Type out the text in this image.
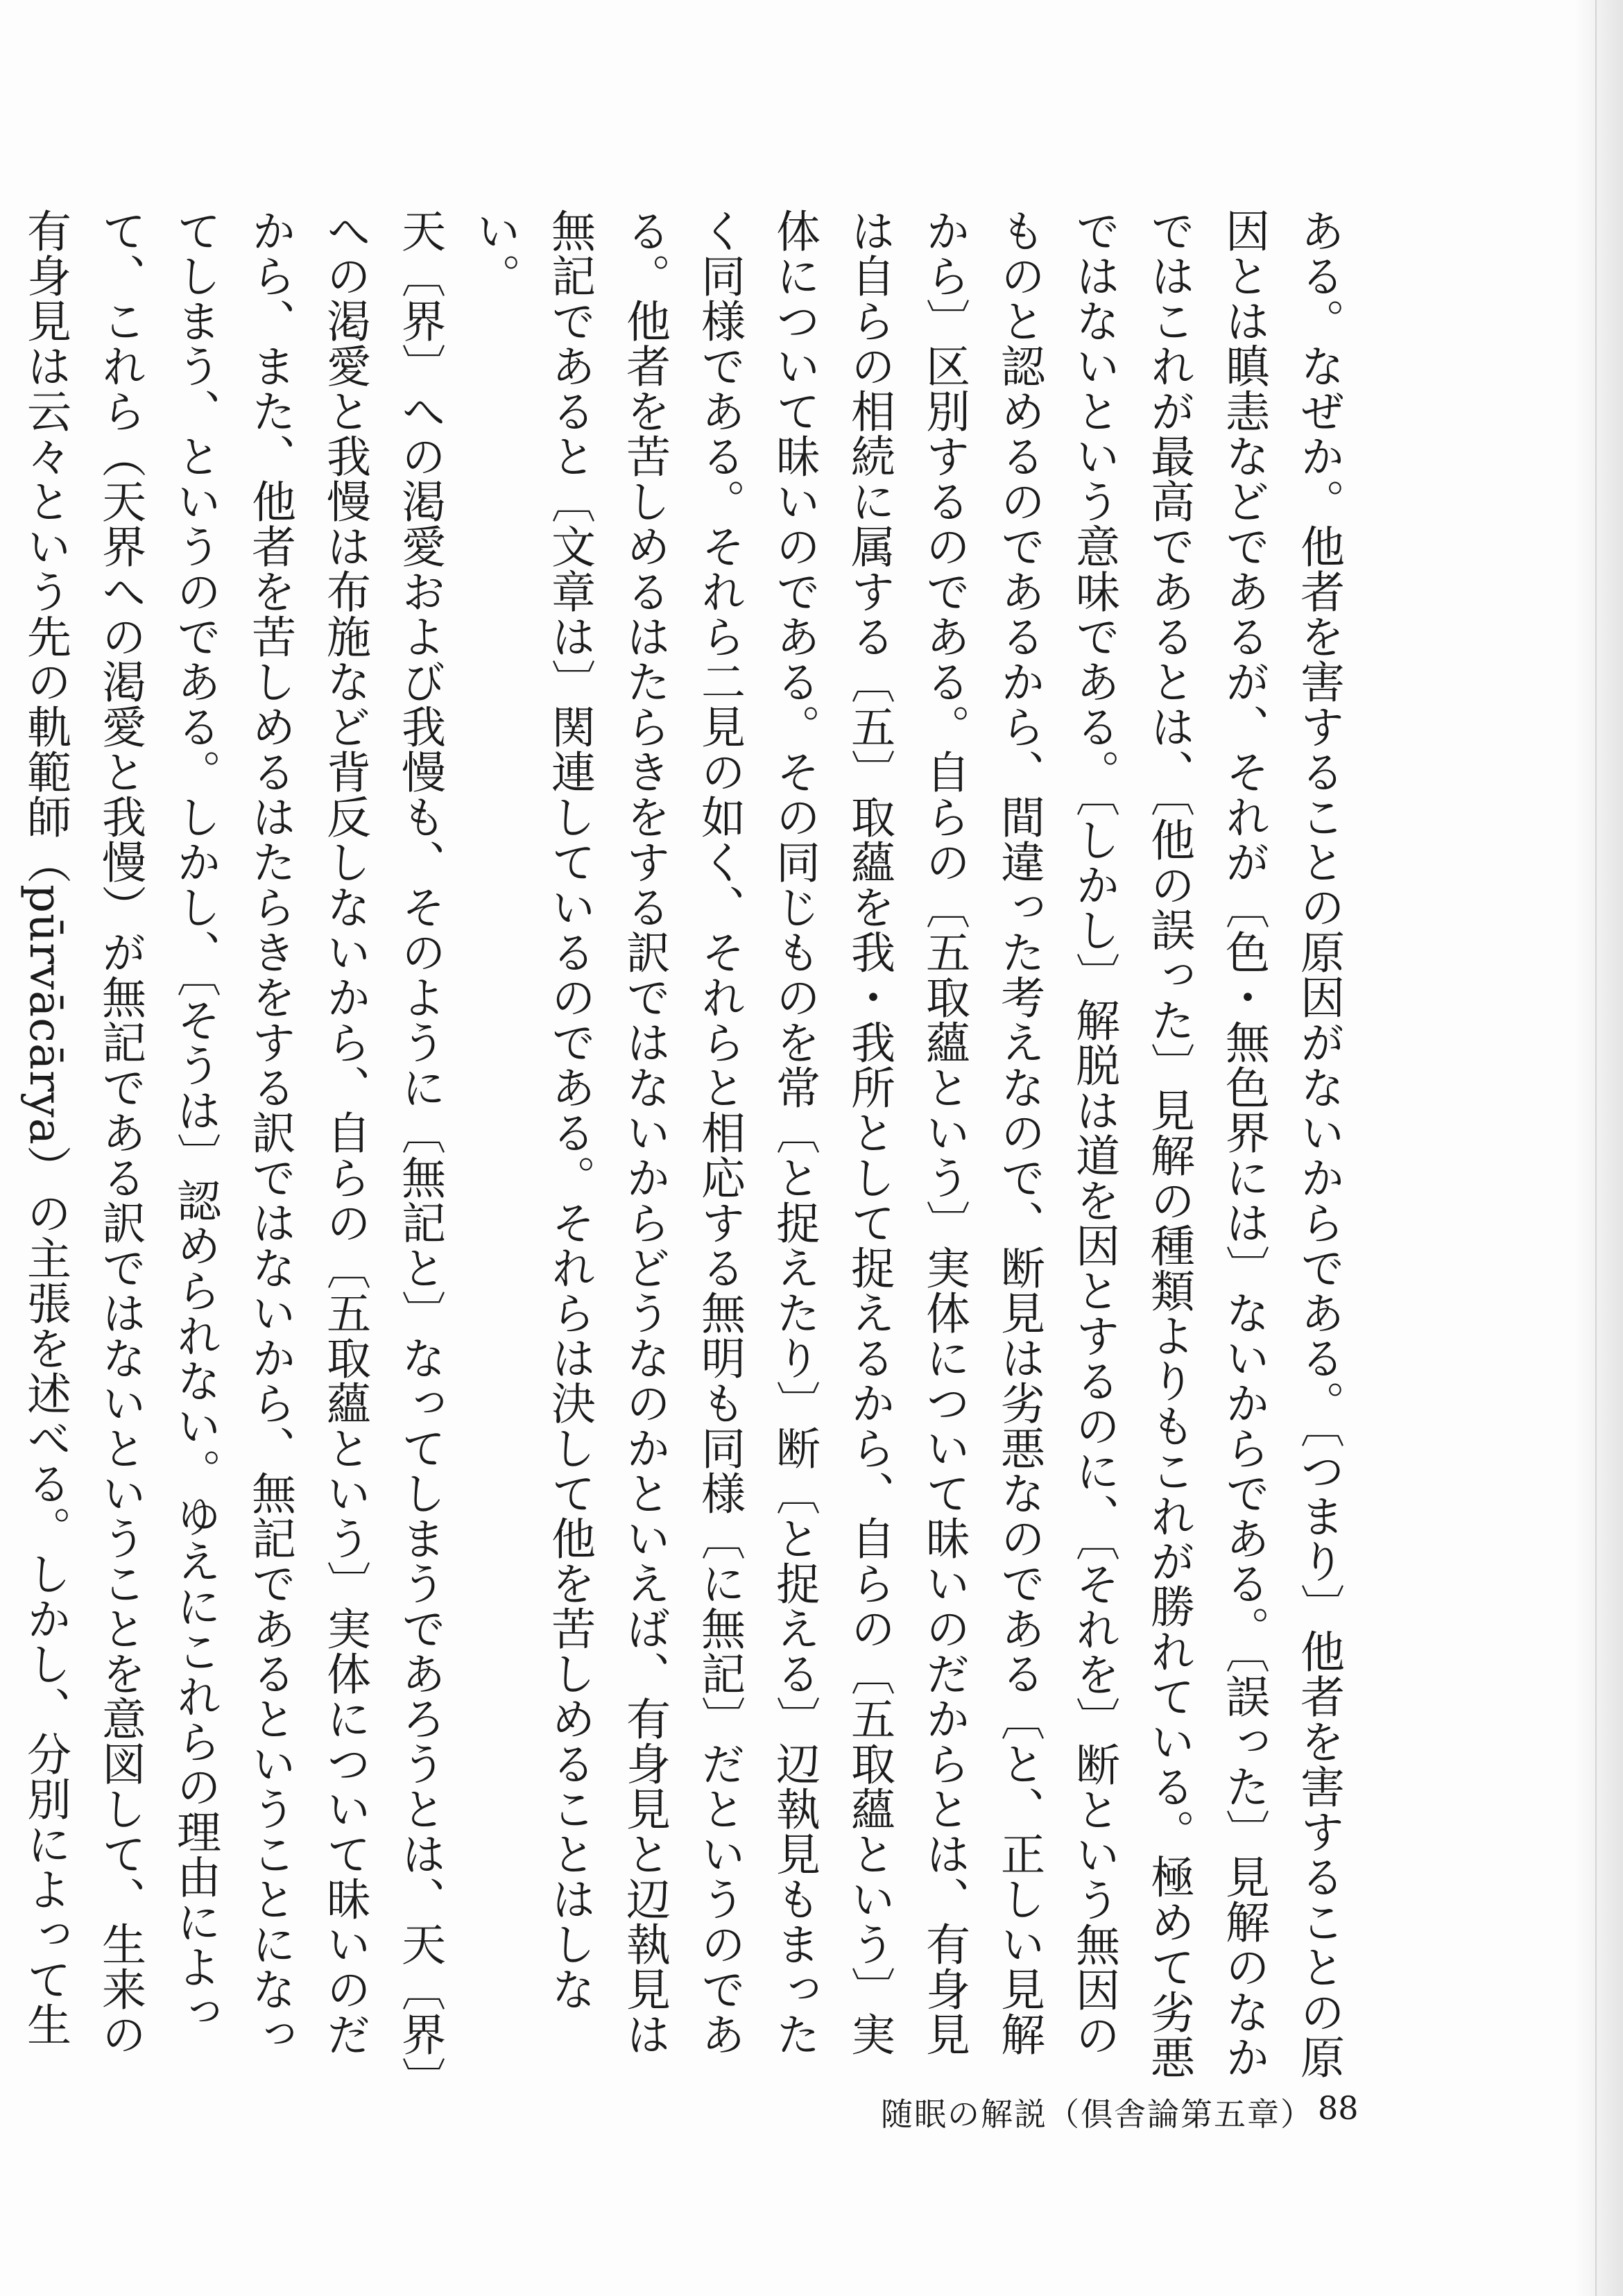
ある。なぜか。他者を害することの原因がないからである。〔つまり〕他者を害することの原因とは瞋恚などであるが、それが〔色・無色界には〕ないからである。〔誤った〕見解のなかではこれが最高であるとは、〔他の誤った〕見解の種類よりもこれが勝れている。極めて劣悪ではないという意味である。〔しかし〕解脱は道を因とするのに、〔それを〕断という無因のものと認めるのであるから、間違った考えなので、断見は劣悪なのである〔と、正しい見解から〕区別するのである。自らの〔五取蘊という〕実体について昧いのだからとは、有身見は自らの相続に属する〔五〕取蘊を我・我所として捉えるから、自らの〔五取蘊という〕実体について昧いのである。その同じものを常〔と捉えたり〕断〔と捉える〕辺執見もまったく同様である。それら二見の如く、それらと相応する無明も同様〔に無記〕だというのである。他者を苦しめるはたらきをする訳ではないからどうなのかといえば、有身見と辺執見は無記であると〔文章は〕関連しているのである。それらは決して他を苦しめることはしない。

天〔界〕への渇愛および我慢も、そのように〔無記と〕なってしまうであろうとは、天〔界〕への渇愛と我慢は布施など背反しないから、自らの〔五取蘊という〕実体について昧いのだから、また、他者を苦しめるはたらきをする訳ではないから、無記であるということになってしまう、というのである。しかし、〔そうは〕認められない。ゆえにこれらの理由によって、これら（天界への渇愛と我慢）が無記である訳ではないということを意図して、生来の有身見は云々という先の軌範師（pūrvācārya）の主張を述べる。しかし、分別によって生

随眠の解説（倶舎論第五章） 88
